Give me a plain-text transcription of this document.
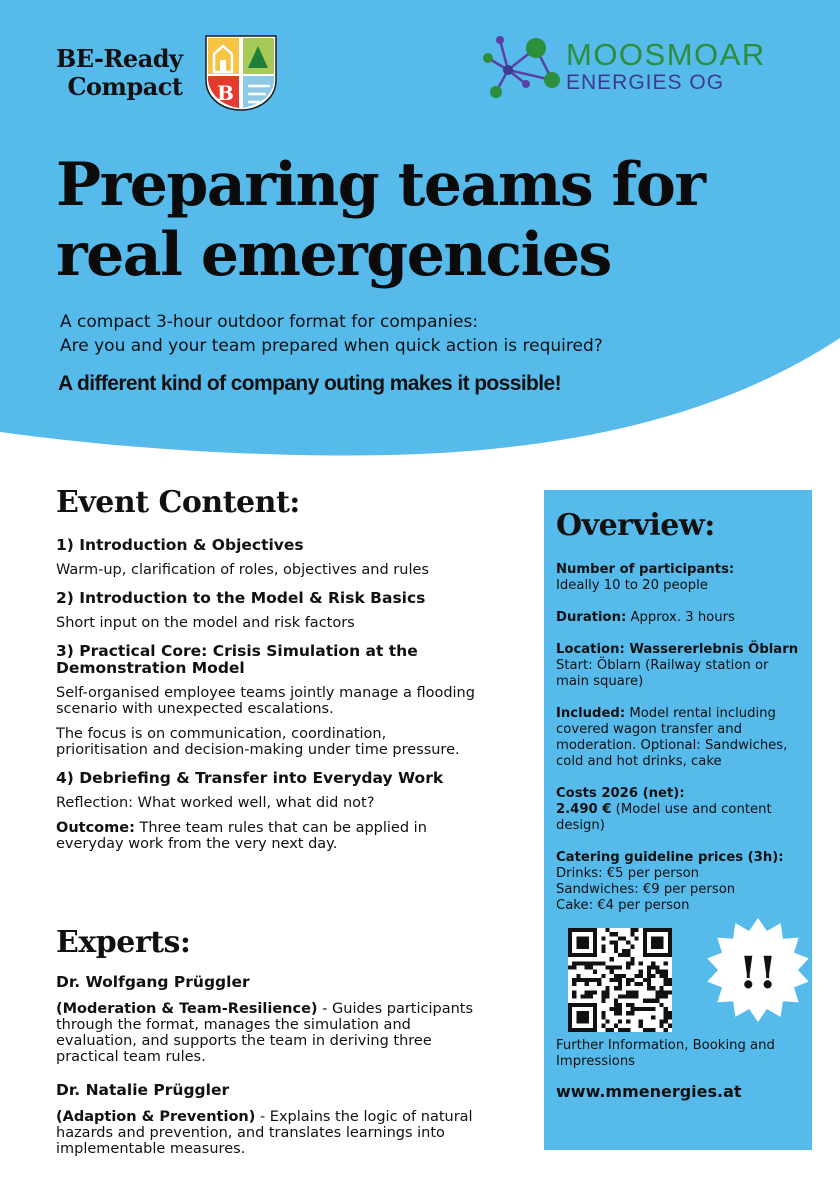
BE-Ready
Compact B
MOOSMOAR
ENERGIES OG
Preparing teams for real emergencies
A compact 3-hour outdoor format for companies:
Are you and your team prepared when quick action is required?
A different kind of company outing makes it possible!
Event Content:

1) Introduction & Objectives

Warm-up, clarification of roles, objectives and rules

2) Introduction to the Model & Risk Basics

Short input on the model and risk factors

3) Practical Core: Crisis Simulation at the Demonstration Model

Self-organised employee teams jointly manage a flooding scenario with unexpected escalations.

The focus is on communication, coordination, prioritisation and decision-making under time pressure.

4) Debriefing & Transfer into Everyday Work

Reflection: What worked well, what did not?

Outcome: Three team rules that can be applied in everyday work from the very next day.

Experts:

Dr. Wolfgang Prüggler

(Moderation & Team-Resilience) - Guides participants through the format, manages the simulation and evaluation, and supports the team in deriving three practical team rules.

Dr. Natalie Prüggler

(Adaption & Prevention) - Explains the logic of natural hazards and prevention, and translates learnings into implementable measures.

Overview:
Number of participants:
Ideally 10 to 20 people
Duration: Approx. 3 hours
Location: Wassererlebnis Öblarn
Start: Öblarn (Railway station or main square)
Included: Model rental including covered wagon transfer and moderation. Optional: Sandwiches, cold and hot drinks, cake
Costs 2026 (net):
2.490 € (Model use and content design)
Catering guideline prices (3h):
Drinks: €5 per person
Sandwiches: €9 per person
Cake: €4 per person
!!
Further Information, Booking and Impressions
www.mmenergies.at
